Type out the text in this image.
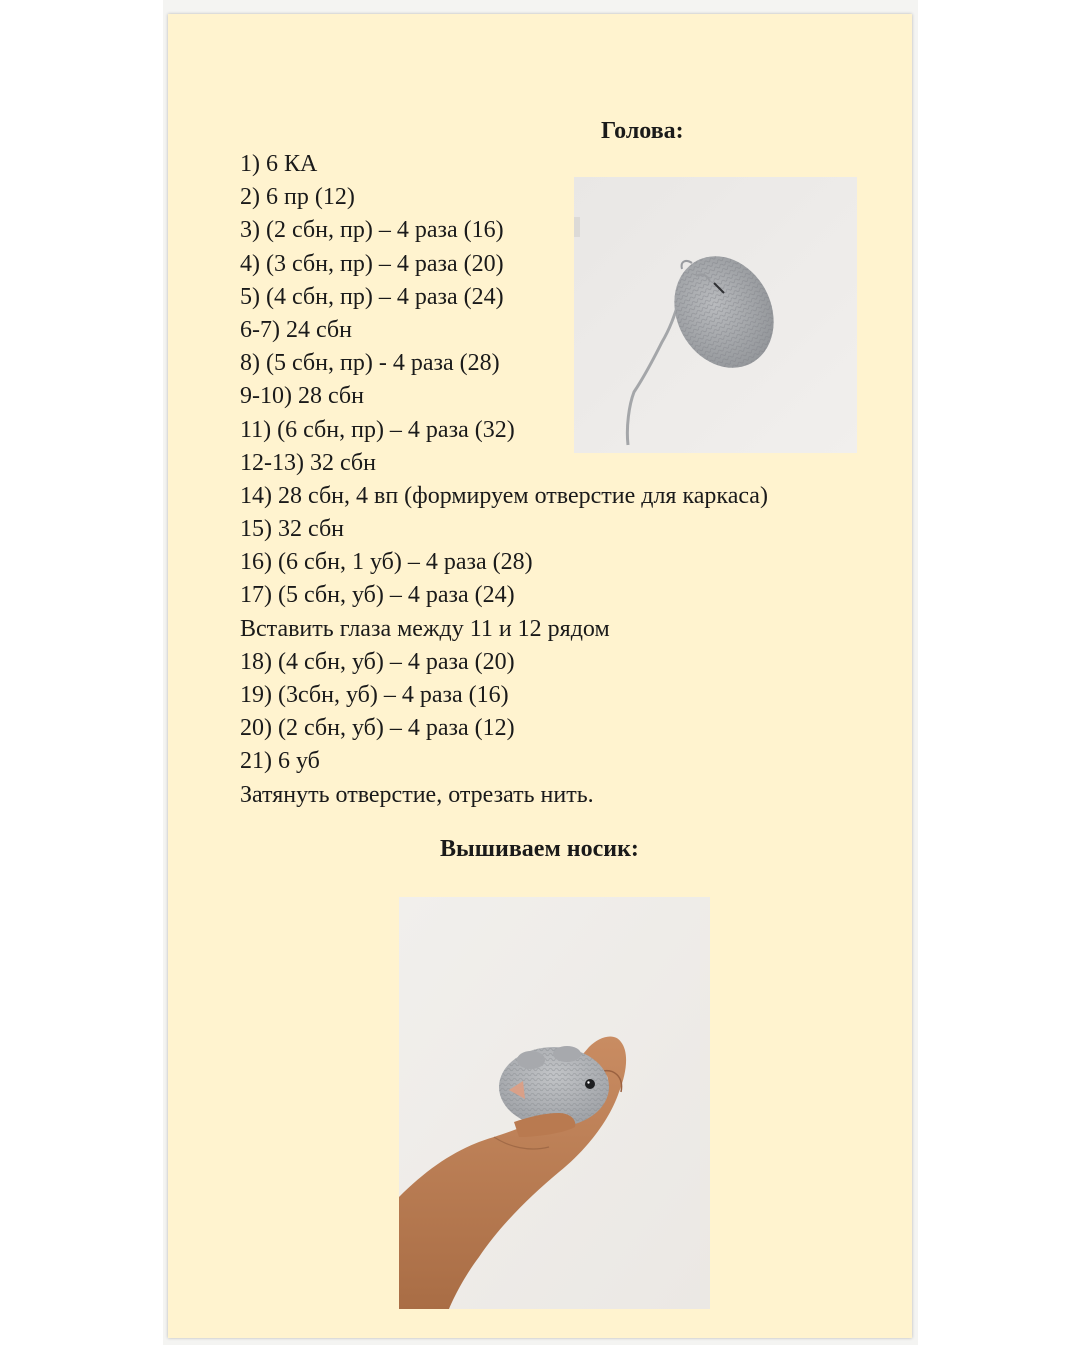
Голова:
1) 6 КА
2) 6 пр (12)
3) (2 сбн, пр) – 4 раза (16)
4) (3 сбн, пр) – 4 раза (20)
5) (4 сбн, пр) – 4 раза (24)
6-7) 24 сбн
8) (5 сбн, пр) - 4 раза (28)
9-10) 28 сбн
11) (6 сбн, пр) – 4 раза (32)
12-13) 32 сбн
14) 28 сбн, 4 вп (формируем отверстие для каркаса)
15) 32 сбн
16) (6 сбн, 1 уб) – 4 раза (28)
17) (5 сбн, уб) – 4 раза (24)
Вставить глаза между 11 и 12 рядом
18) (4 сбн, уб) – 4 раза (20)
19) (3сбн, уб) – 4 раза (16)
20) (2 сбн, уб) – 4 раза (12)
21) 6 уб
Затянуть отверстие, отрезать нить.
Вышиваем носик:
